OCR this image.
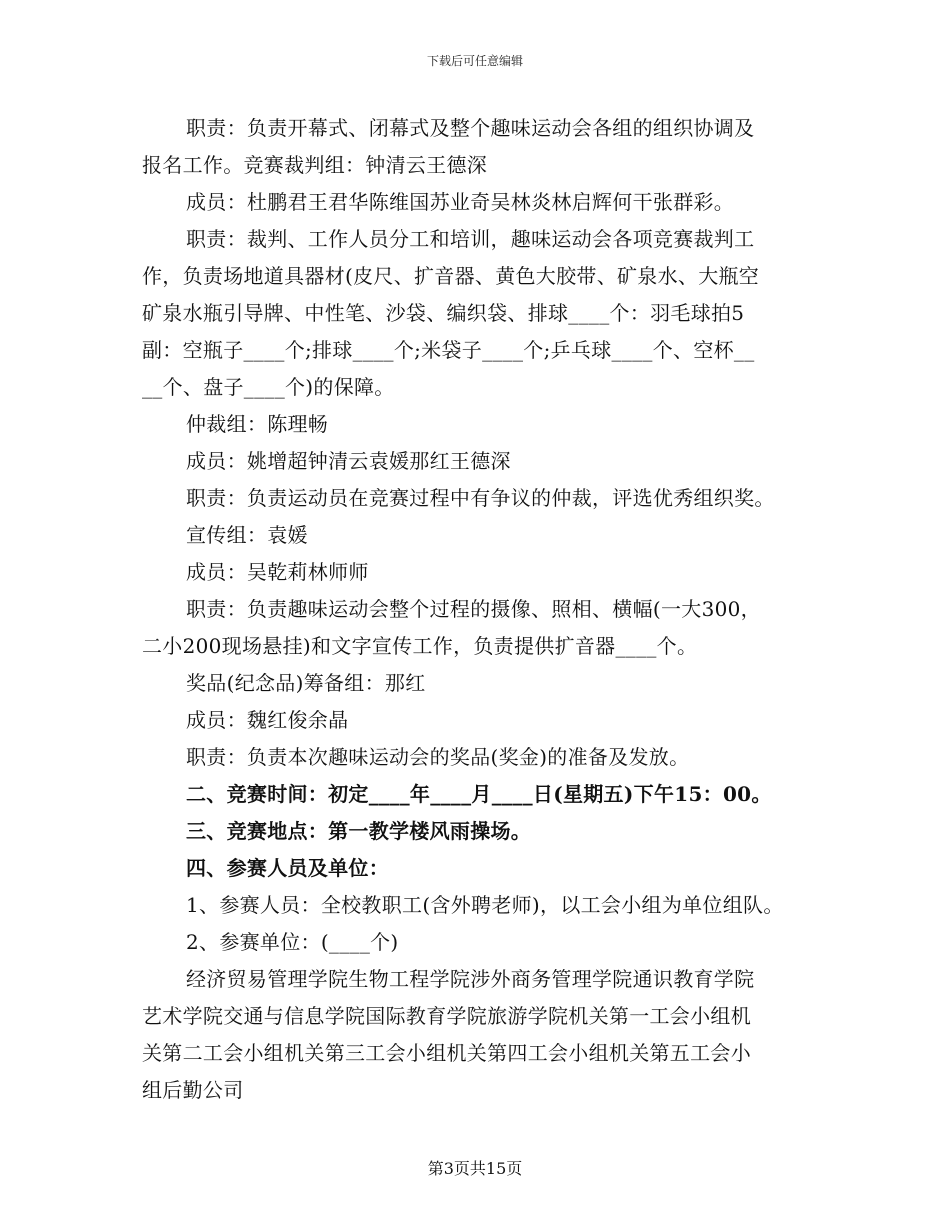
下载后可任意编辑
职责：负责开幕式、闭幕式及整个趣味运动会各组的组织协调及
报名工作。竞赛裁判组：钟清云王德深
成员：杜鹏君王君华陈维国苏业奇吴林炎林启辉何干张群彩。
职责：裁判、工作人员分工和培训，趣味运动会各项竞赛裁判工
作，负责场地道具器材(皮尺、扩音器、黄色大胶带、矿泉水、大瓶空
矿泉水瓶引导牌、中性笔、沙袋、编织袋、排球____个：羽毛球拍5
副：空瓶子____个;排球____个;米袋子____个;乒乓球____个、空杯__
__个、盘子____个)的保障。
仲裁组：陈理畅
成员：姚增超钟清云袁媛那红王德深
职责：负责运动员在竞赛过程中有争议的仲裁，评选优秀组织奖。
宣传组：袁媛
成员：吴乾莉林师师
职责：负责趣味运动会整个过程的摄像、照相、横幅(一大300，
二小200现场悬挂)和文字宣传工作，负责提供扩音器____个。
奖品(纪念品)筹备组：那红
成员：魏红俊余晶
职责：负责本次趣味运动会的奖品(奖金)的准备及发放。
二、竞赛时间：初定____年____月____日(星期五)下午15：00。
三、竞赛地点：第一教学楼风雨操场。
四、参赛人员及单位：
1、参赛人员：全校教职工(含外聘老师)，以工会小组为单位组队。
2、参赛单位：(____个)
经济贸易管理学院生物工程学院涉外商务管理学院通识教育学院
艺术学院交通与信息学院国际教育学院旅游学院机关第一工会小组机
关第二工会小组机关第三工会小组机关第四工会小组机关第五工会小
组后勤公司
第3页共15页
